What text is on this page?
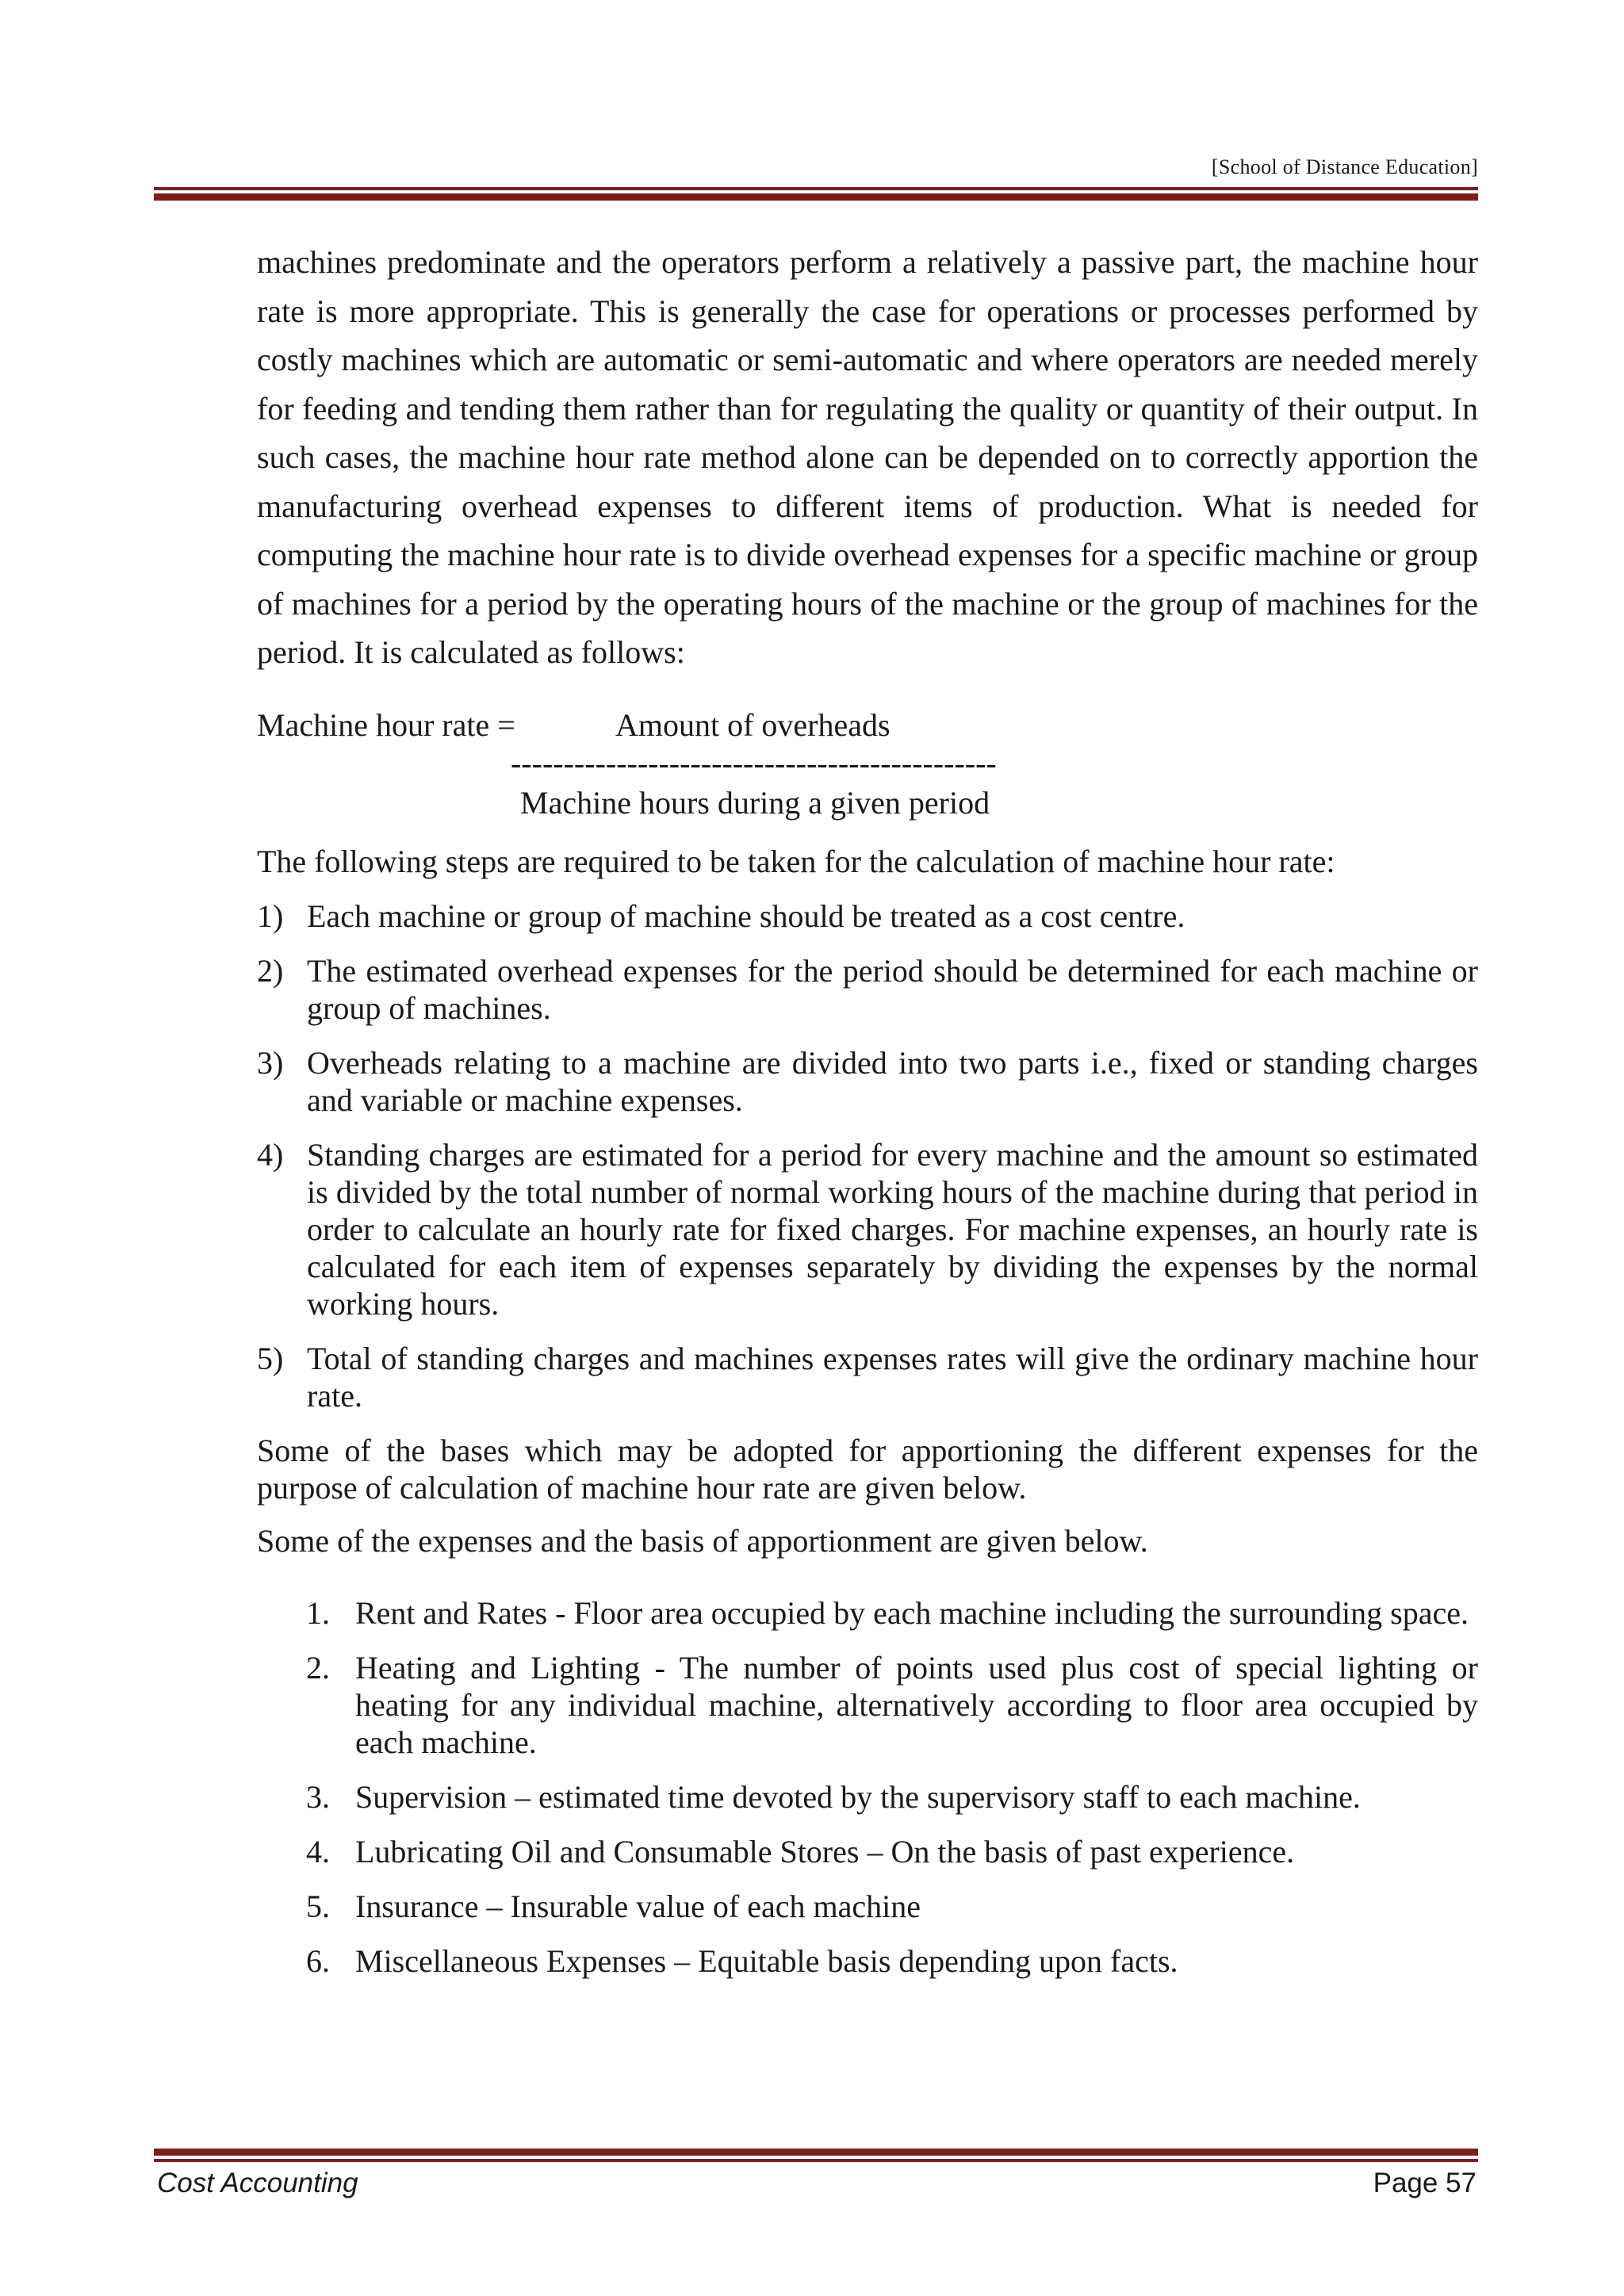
[School of Distance Education]

machines predominate and the operators perform a relatively a passive part, the machine hour rate is more appropriate. This is generally the case for operations or processes performed by costly machines which are automatic or semi-automatic and where operators are needed merely for feeding and tending them rather than for regulating the quality or quantity of their output. In such cases, the machine hour rate method alone can be depended on to correctly apportion the manufacturing overhead expenses to different items of production. What is needed for computing the machine hour rate is to divide overhead expenses for a specific machine or group of machines for a period by the operating hours of the machine or the group of machines for the period. It is calculated as follows:

Machine hour rate =	Amount of overheads
----------------------------------------------
Machine hours during a given period

The following steps are required to be taken for the calculation of machine hour rate:

1) Each machine or group of machine should be treated as a cost centre.
2) The estimated overhead expenses for the period should be determined for each machine or group of machines.
3) Overheads relating to a machine are divided into two parts i.e., fixed or standing charges and variable or machine expenses.
4) Standing charges are estimated for a period for every machine and the amount so estimated is divided by the total number of normal working hours of the machine during that period in order to calculate an hourly rate for fixed charges. For machine expenses, an hourly rate is calculated for each item of expenses separately by dividing the expenses by the normal working hours.
5) Total of standing charges and machines expenses rates will give the ordinary machine hour rate.

Some of the bases which may be adopted for apportioning the different expenses for the purpose of calculation of machine hour rate are given below.

Some of the expenses and the basis of apportionment are given below.

1. Rent and Rates - Floor area occupied by each machine including the surrounding space.
2. Heating and Lighting - The number of points used plus cost of special lighting or heating for any individual machine, alternatively according to floor area occupied by each machine.
3. Supervision – estimated time devoted by the supervisory staff to each machine.
4. Lubricating Oil and Consumable Stores – On the basis of past experience.
5. Insurance – Insurable value of each machine
6. Miscellaneous Expenses – Equitable basis depending upon facts.
Cost Accounting	Page 57
